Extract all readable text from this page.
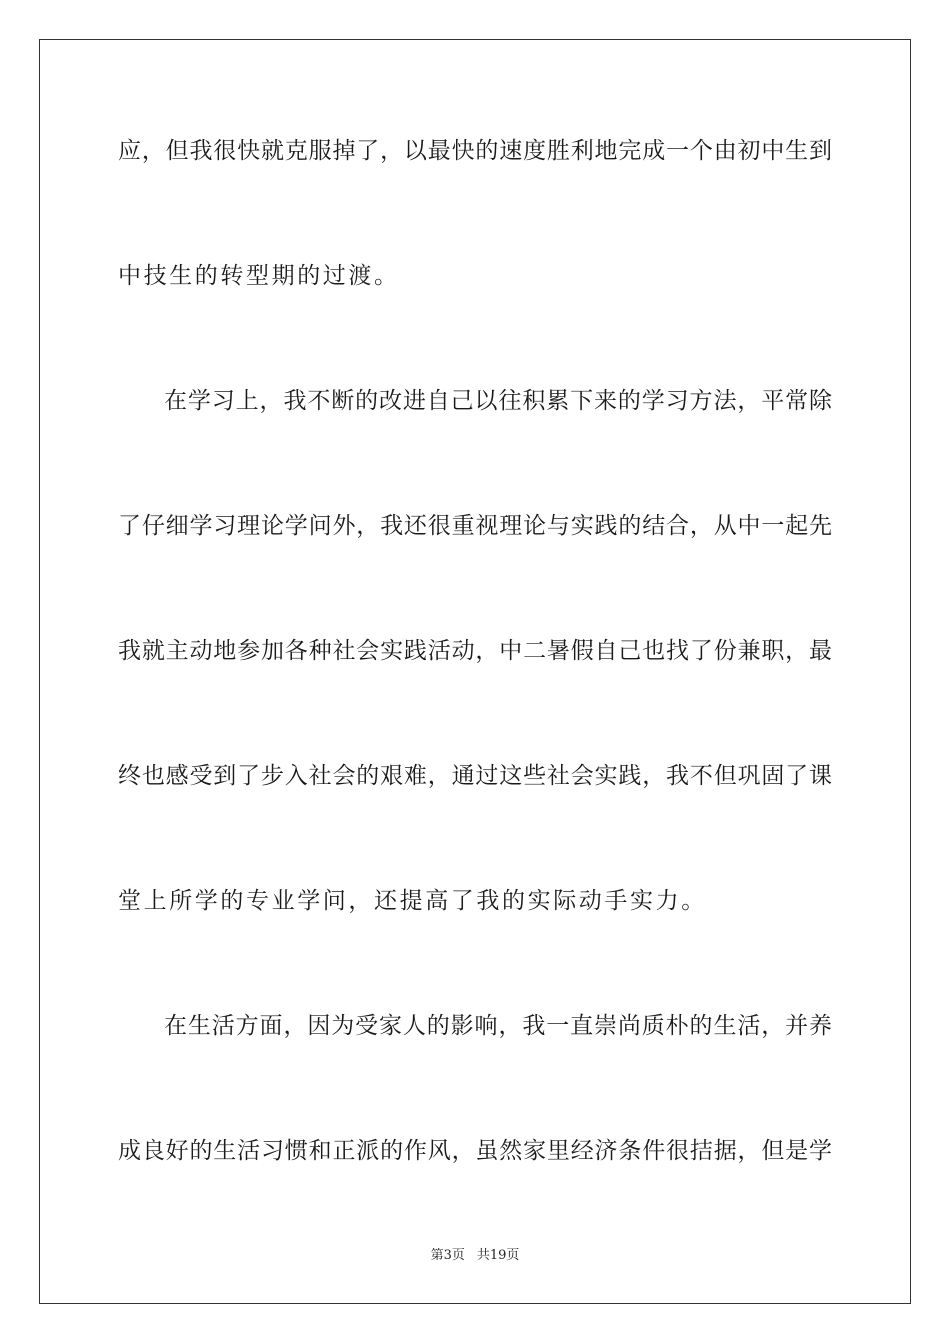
应，但我很快就克服掉了，以最快的速度胜利地完成一个由初中生到
中技生的转型期的过渡。
在学习上，我不断的改进自己以往积累下来的学习方法，平常除
了仔细学习理论学问外，我还很重视理论与实践的结合，从中一起先
我就主动地参加各种社会实践活动，中二暑假自己也找了份兼职，最
终也感受到了步入社会的艰难，通过这些社会实践，我不但巩固了课
堂上所学的专业学问，还提高了我的实际动手实力。
在生活方面，因为受家人的影响，我一直崇尚质朴的生活，并养
成良好的生活习惯和正派的作风，虽然家里经济条件很拮据，但是学
第3页 共19页
